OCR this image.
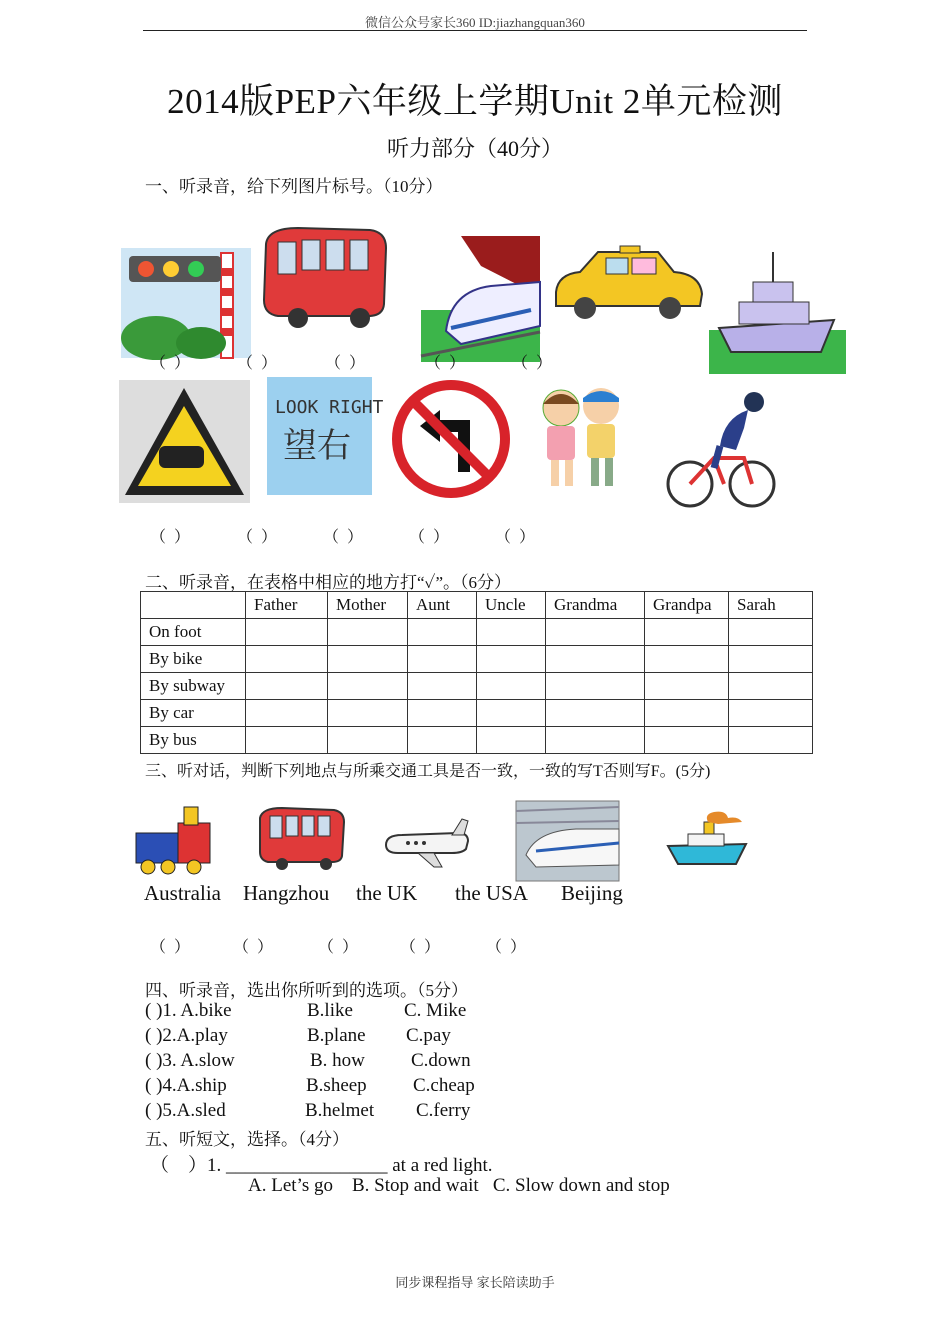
微信公众号家长360 ID:jiazhangquan360
2014版PEP六年级上学期Unit 2单元检测
听力部分（40分）
一、听录音，给下列图片标号。（10分）
（ ）	（ ）	（ ）	（ ）	（ ）
LOOK RIGHT
望右
（ ）	（ ）	（ ）	（ ）	（ ）
二、听录音，在表格中相应的地方打“✓”。（6分）
	Father	Mother	Aunt	Uncle	Grandma	Grandpa	Sarah
On foot							
By bike							
By subway							
By car							
By bus							
三、听对话，判断下列地点与所乘交通工具是否一致，一致的写T否则写F。(5分)
Australia Hangzhou the UK the USA Beijing
（ ）	（ ）	（ ） （ ）	（ ）
四、听录音，选出你所听到的选项。（5分）
( )1. A.bike	B.like	C. Mike
( )2.A.play	B.plane C.pay
( )3. A.slow	B. how C.down
( )4.A.ship	B.sheep C.cheap
( )5.A.sled	B.helmet C.ferry
五、听短文，选择。（4分）
（    ）1. _________________ at a red light.
A. Let’s go    B. Stop and wait   C. Slow down and stop
同步课程指导 家长陪读助手
